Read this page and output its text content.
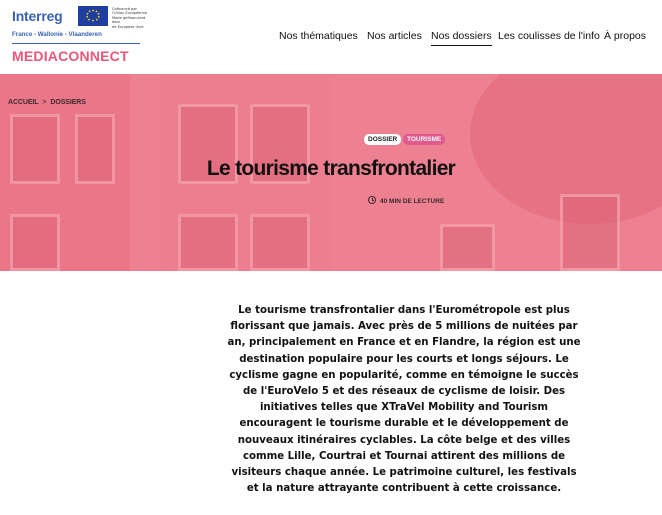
Interreg	Cofinancé par
l'Union Européenne
Mede gefinancierd door
de Europese Unie
France - Wallonie - Vlaanderen
MEDIACONNECT
Nos thématiques Nos articles Nos dossiers Les coulisses de l'info À propos
ACCUEIL > DOSSIERS
DOSSIER	TOURISME
Le tourisme transfrontalier
40 MIN DE LECTURE

Le tourisme transfrontalier dans l'Eurométropole est plus florissant que jamais. Avec près de 5 millions de nuitées par an, principalement en France et en Flandre, la région est une destination populaire pour les courts et longs séjours. Le cyclisme gagne en popularité, comme en témoigne le succès de l'EuroVelo 5 et des réseaux de cyclisme de loisir. Des initiatives telles que XTraVel Mobility and Tourism encouragent le tourisme durable et le développement de nouveaux itinéraires cyclables. La côte belge et des villes comme Lille, Courtrai et Tournai attirent des millions de visiteurs chaque année. Le patrimoine culturel, les festivals et la nature attrayante contribuent à cette croissance.
